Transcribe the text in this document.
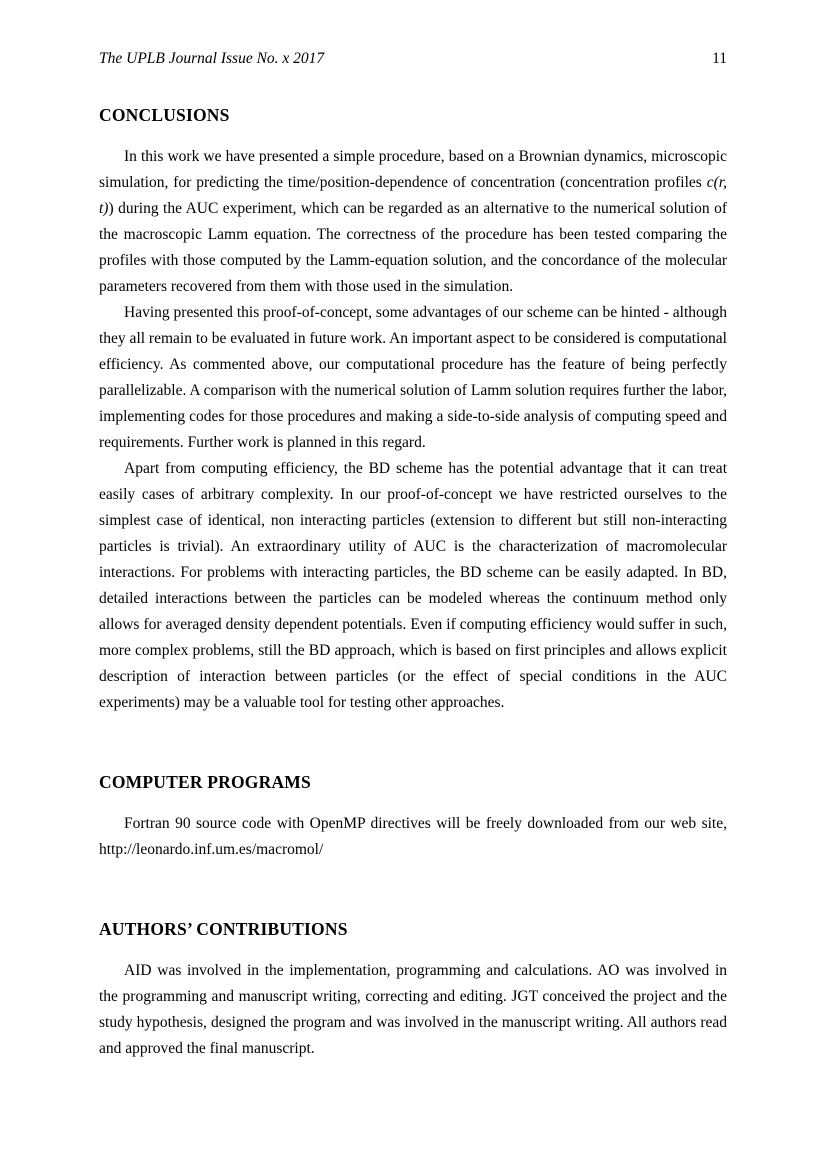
The UPLB Journal Issue No. x 2017	11
CONCLUSIONS

In this work we have presented a simple procedure, based on a Brownian dynamics, microscopic simulation, for predicting the time/position-dependence of concentration (concentration profiles c(r, t)) during the AUC experiment, which can be regarded as an alternative to the numerical solution of the macroscopic Lamm equation. The correctness of the procedure has been tested comparing the profiles with those computed by the Lamm-equation solution, and the concordance of the molecular parameters recovered from them with those used in the simulation.

Having presented this proof-of-concept, some advantages of our scheme can be hinted - although they all remain to be evaluated in future work. An important aspect to be considered is computational efficiency. As commented above, our computational procedure has the feature of being perfectly parallelizable. A comparison with the numerical solution of Lamm solution requires further the labor, implementing codes for those procedures and making a side-to-side analysis of computing speed and requirements. Further work is planned in this regard.

Apart from computing efficiency, the BD scheme has the potential advantage that it can treat easily cases of arbitrary complexity. In our proof-of-concept we have restricted ourselves to the simplest case of identical, non interacting particles (extension to different but still non-interacting particles is trivial). An extraordinary utility of AUC is the characterization of macromolecular interactions. For problems with interacting particles, the BD scheme can be easily adapted. In BD, detailed interactions between the particles can be modeled whereas the continuum method only allows for averaged density dependent potentials. Even if computing efficiency would suffer in such, more complex problems, still the BD approach, which is based on first principles and allows explicit description of interaction between particles (or the effect of special conditions in the AUC experiments) may be a valuable tool for testing other approaches.

COMPUTER PROGRAMS

Fortran 90 source code with OpenMP directives will be freely downloaded from our web site, http://leonardo.inf.um.es/macromol/

AUTHORS’ CONTRIBUTIONS

AID was involved in the implementation, programming and calculations. AO was involved in the programming and manuscript writing, correcting and editing. JGT conceived the project and the study hypothesis, designed the program and was involved in the manuscript writing. All authors read and approved the final manuscript.
